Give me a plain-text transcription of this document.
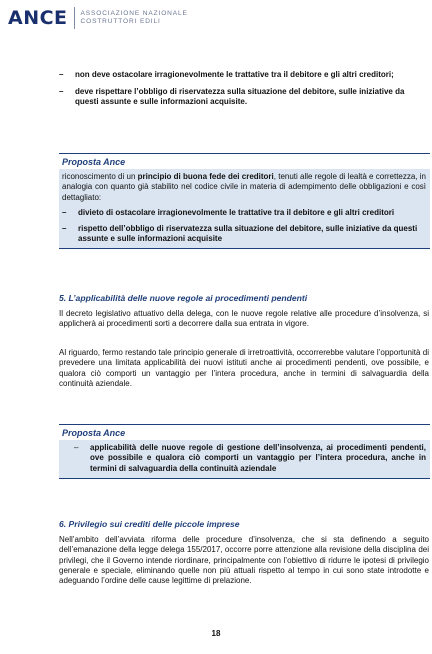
ANCE ASSOCIAZIONE NAZIONALE
COSTRUTTORI EDILI
– non deve ostacolare irragionevolmente le trattative tra il debitore e gli altri creditori;
– deve rispettare l’obbligo di riservatezza sulla situazione del debitore, sulle iniziative da questi assunte e sulle informazioni acquisite.
Proposta Ance
riconoscimento di un principio di buona fede dei creditori, tenuti alle regole di lealtà e correttezza, in analogia con quanto già stabilito nel codice civile in materia di adempimento delle obbligazioni e così dettagliato:
– divieto di ostacolare irragionevolmente le trattative tra il debitore e gli altri creditori
– rispetto dell’obbligo di riservatezza sulla situazione del debitore, sulle iniziative da questi assunte e sulle informazioni acquisite
5. L’applicabilità delle nuove regole ai procedimenti pendenti
Il decreto legislativo attuativo della delega, con le nuove regole relative alle procedure d’insolvenza, si applicherà ai procedimenti sorti a decorrere dalla sua entrata in vigore.
Al riguardo, fermo restando tale principio generale di irretroattività, occorrerebbe valutare l’opportunità di prevedere una limitata applicabilità dei nuovi istituti anche ai procedimenti pendenti, ove possibile, e qualora ciò comporti un vantaggio per l’intera procedura, anche in termini di salvaguardia della continuità aziendale.
Proposta Ance
– applicabilità delle nuove regole di gestione dell’insolvenza, ai procedimenti pendenti, ove possibile e qualora ciò comporti un vantaggio per l’intera procedura, anche in termini di salvaguardia della continuità aziendale
6. Privilegio sui crediti delle piccole imprese
Nell’ambito dell’avviata riforma delle procedure d’insolvenza, che si sta definendo a seguito dell’emanazione della legge delega 155/2017, occorre porre attenzione alla revisione della disciplina dei privilegi, che il Governo intende riordinare, principalmente con l’obiettivo di ridurre le ipotesi di privilegio generale e speciale, eliminando quelle non più attuali rispetto al tempo in cui sono state introdotte e adeguando l’ordine delle cause legittime di prelazione.
18
